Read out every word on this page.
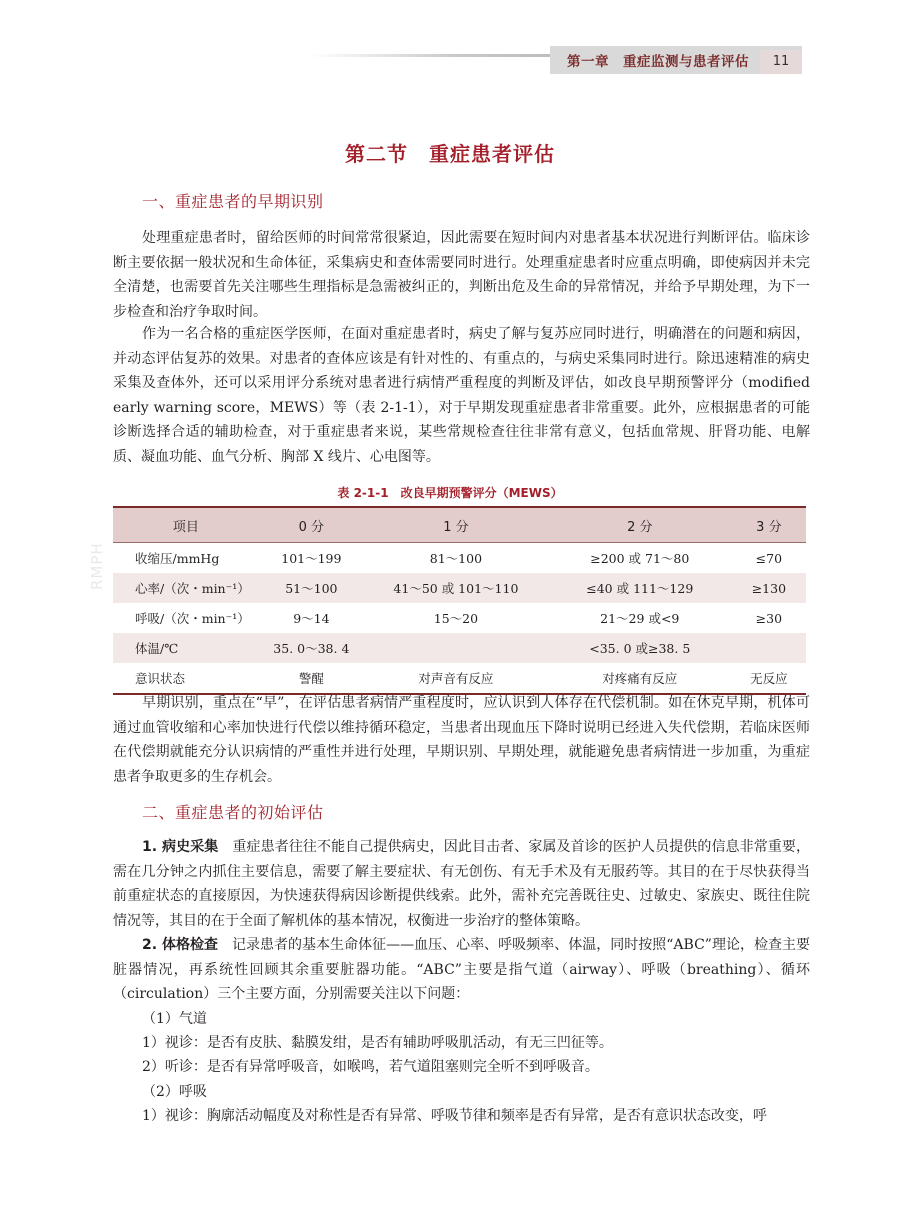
第一章　重症监测与患者评估	11
RMPH
第二节　重症患者评估
一、重症患者的早期识别

处理重症患者时，留给医师的时间常常很紧迫，因此需要在短时间内对患者基本状况进行判断评估。临床诊断主要依据一般状况和生命体征，采集病史和查体需要同时进行。处理重症患者时应重点明确，即使病因并未完全清楚，也需要首先关注哪些生理指标是急需被纠正的，判断出危及生命的异常情况，并给予早期处理，为下一步检查和治疗争取时间。

作为一名合格的重症医学医师，在面对重症患者时，病史了解与复苏应同时进行，明确潜在的问题和病因，并动态评估复苏的效果。对患者的查体应该是有针对性的、有重点的，与病史采集同时进行。除迅速精准的病史采集及查体外，还可以采用评分系统对患者进行病情严重程度的判断及评估，如改良早期预警评分（modified early warning score，MEWS）等（表 2-1-1），对于早期发现重症患者非常重要。此外，应根据患者的可能诊断选择合适的辅助检查，对于重症患者来说，某些常规检查往往非常有意义，包括血常规、肝肾功能、电解质、凝血功能、血气分析、胸部 X 线片、心电图等。

表 2-1-1　改良早期预警评分（MEWS）
项目	0 分	1 分	2 分	3 分
收缩压/mmHg	101～199	81～100	≥200 或 71～80	≤70
心率/（次・min⁻¹）	51～100	41～50 或 101～110	≤40 或 111～129	≥130
呼吸/（次・min⁻¹）	9～14	15～20	21～29 或<9	≥30
体温/℃	35. 0～38. 4		<35. 0 或≥38. 5	
意识状态	警醒	对声音有反应	对疼痛有反应	无反应

早期识别，重点在“早”，在评估患者病情严重程度时，应认识到人体存在代偿机制。如在休克早期，机体可通过血管收缩和心率加快进行代偿以维持循环稳定，当患者出现血压下降时说明已经进入失代偿期，若临床医师在代偿期就能充分认识病情的严重性并进行处理，早期识别、早期处理，就能避免患者病情进一步加重，为重症患者争取更多的生存机会。

二、重症患者的初始评估

1. 病史采集　 重症患者往往不能自己提供病史，因此目击者、家属及首诊的医护人员提供的信息非常重要，需在几分钟之内抓住主要信息，需要了解主要症状、有无创伤、有无手术及有无服药等。其目的在于尽快获得当前重症状态的直接原因，为快速获得病因诊断提供线索。此外，需补充完善既往史、过敏史、家族史、既往住院情况等，其目的在于全面了解机体的基本情况，权衡进一步治疗的整体策略。

2. 体格检查　 记录患者的基本生命体征——血压、心率、呼吸频率、体温，同时按照“ABC”理论，检查主要脏器情况，再系统性回顾其余重要脏器功能。“ABC”主要是指气道（airway）、呼吸（breathing）、循环（circulation）三个主要方面，分别需要关注以下问题：

（1）气道

1）视诊：是否有皮肤、黏膜发绀，是否有辅助呼吸肌活动，有无三凹征等。

2）听诊：是否有异常呼吸音，如喉鸣，若气道阻塞则完全听不到呼吸音。

（2）呼吸

1）视诊：胸廓活动幅度及对称性是否有异常、呼吸节律和频率是否有异常，是否有意识状态改变，呼
